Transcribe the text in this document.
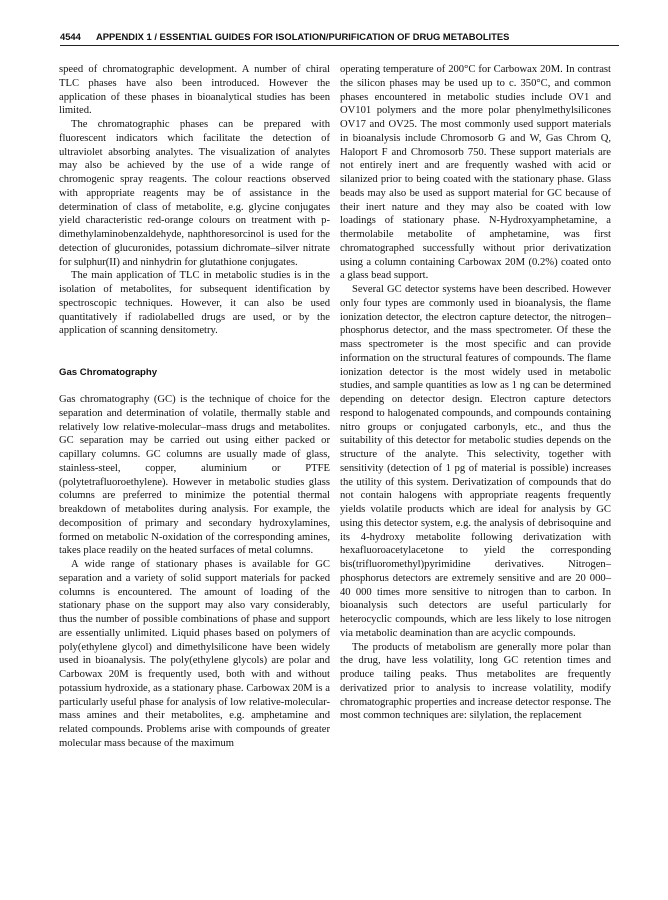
4544 APPENDIX 1 / ESSENTIAL GUIDES FOR ISOLATION/PURIFICATION OF DRUG METABOLITES

speed of chromatographic development. A number of chiral TLC phases have also been introduced. However the application of these phases in bioanalytical studies has been limited.

The chromatographic phases can be prepared with fluorescent indicators which facilitate the detection of ultraviolet absorbing analytes. The visualization of analytes may also be achieved by the use of a wide range of chromogenic spray reagents. The colour reactions observed with appropriate reagents may be of assistance in the determination of class of metabolite, e.g. glycine conjugates yield characteristic red-orange colours on treatment with p-dimethylaminobenzaldehyde, naphthoresorcinol is used for the detection of glucuronides, potassium dichromate–silver nitrate for sulphur(II) and ninhydrin for glutathione conjugates.

The main application of TLC in metabolic studies is in the isolation of metabolites, for subsequent identification by spectroscopic techniques. However, it can also be used quantitatively if radiolabelled drugs are used, or by the application of scanning densitometry.

Gas Chromatography

Gas chromatography (GC) is the technique of choice for the separation and determination of volatile, thermally stable and relatively low relative-molecular–mass drugs and metabolites. GC separation may be carried out using either packed or capillary columns. GC columns are usually made of glass, stainless-steel, copper, aluminium or PTFE (polytetrafluoroethylene). However in metabolic studies glass columns are preferred to minimize the potential thermal breakdown of metabolites during analysis. For example, the decomposition of primary and secondary hydroxylamines, formed on metabolic N-oxidation of the corresponding amines, takes place readily on the heated surfaces of metal columns.

A wide range of stationary phases is available for GC separation and a variety of solid support materials for packed columns is encountered. The amount of loading of the stationary phase on the support may also vary considerably, thus the number of possible combinations of phase and support are essentially unlimited. Liquid phases based on polymers of poly(ethylene glycol) and dimethylsilicone have been widely used in bioanalysis. The poly(ethylene glycols) are polar and Carbowax 20M is frequently used, both with and without potassium hydroxide, as a stationary phase. Carbowax 20M is a particularly useful phase for analysis of low relative-molecular-mass amines and their metabolites, e.g. amphetamine and related compounds. Problems arise with compounds of greater molecular mass because of the maximum

operating temperature of 200°C for Carbowax 20M. In contrast the silicon phases may be used up to c. 350°C, and common phases encountered in metabolic studies include OV1 and OV101 polymers and the more polar phenylmethylsilicones OV17 and OV25. The most commonly used support materials in bioanalysis include Chromosorb G and W, Gas Chrom Q, Haloport F and Chromosorb 750. These support materials are not entirely inert and are frequently washed with acid or silanized prior to being coated with the stationary phase. Glass beads may also be used as support material for GC because of their inert nature and they may also be coated with low loadings of stationary phase. N-Hydroxyamphetamine, a thermolabile metabolite of amphetamine, was first chromatographed successfully without prior derivatization using a column containing Carbowax 20M (0.2%) coated onto a glass bead support.

Several GC detector systems have been described. However only four types are commonly used in bioanalysis, the flame ionization detector, the electron capture detector, the nitrogen–phosphorus detector, and the mass spectrometer. Of these the mass spectrometer is the most specific and can provide information on the structural features of compounds. The flame ionization detector is the most widely used in metabolic studies, and sample quantities as low as 1 ng can be determined depending on detector design. Electron capture detectors respond to halogenated compounds, and compounds containing nitro groups or conjugated carbonyls, etc., and thus the suitability of this detector for metabolic studies depends on the structure of the analyte. This selectivity, together with sensitivity (detection of 1 pg of material is possible) increases the utility of this system. Derivatization of compounds that do not contain halogens with appropriate reagents frequently yields volatile products which are ideal for analysis by GC using this detector system, e.g. the analysis of debrisoquine and its 4-hydroxy metabolite following derivatization with hexafluoroacetylacetone to yield the corresponding bis(trifluoromethyl)pyrimidine derivatives. Nitrogen–phosphorus detectors are extremely sensitive and are 20 000–40 000 times more sensitive to nitrogen than to carbon. In bioanalysis such detectors are useful particularly for heterocyclic compounds, which are less likely to lose nitrogen via metabolic deamination than are acyclic compounds.

The products of metabolism are generally more polar than the drug, have less volatility, long GC retention times and produce tailing peaks. Thus metabolites are frequently derivatized prior to analysis to increase volatility, modify chromatographic properties and increase detector response. The most common techniques are: silylation, the replacement
